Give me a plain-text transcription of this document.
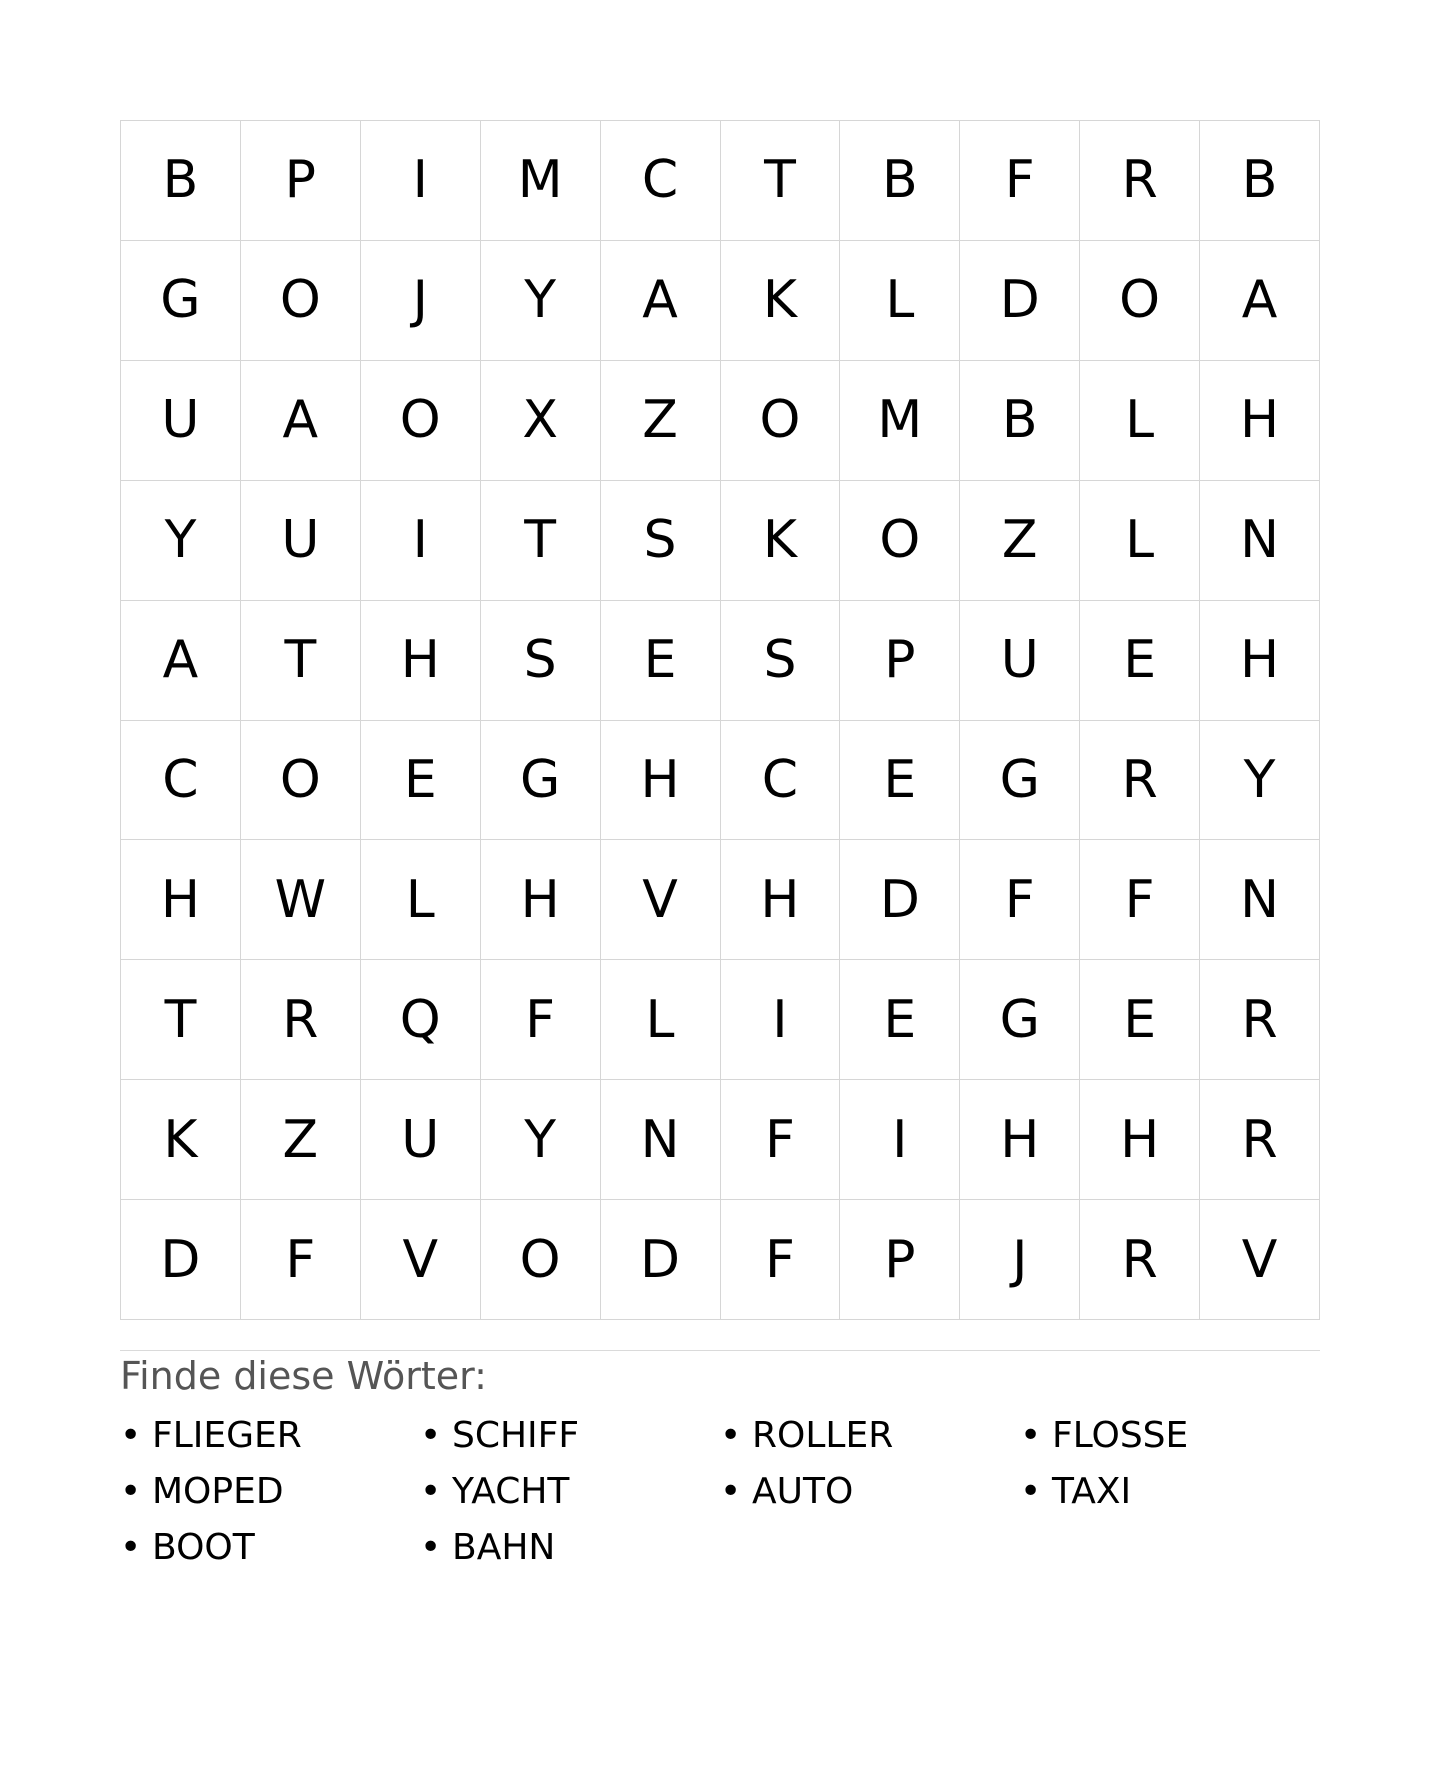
B	P	I	M	C	T	B	F	R	B
G	O	J	Y	A	K	L	D	O	A
U	A	O	X	Z	O	M	B	L	H
Y	U	I	T	S	K	O	Z	L	N
A	T	H	S	E	S	P	U	E	H
C	O	E	G	H	C	E	G	R	Y
H	W	L	H	V	H	D	F	F	N
T	R	Q	F	L	I	E	G	E	R
K	Z	U	Y	N	F	I	H	H	R
D	F	V	O	D	F	P	J	R	V
Finde diese Wörter:
• FLIEGER	• SCHIFF	• ROLLER	• FLOSSE
• MOPED	• YACHT	• AUTO	• TAXI
• BOOT	• BAHN
